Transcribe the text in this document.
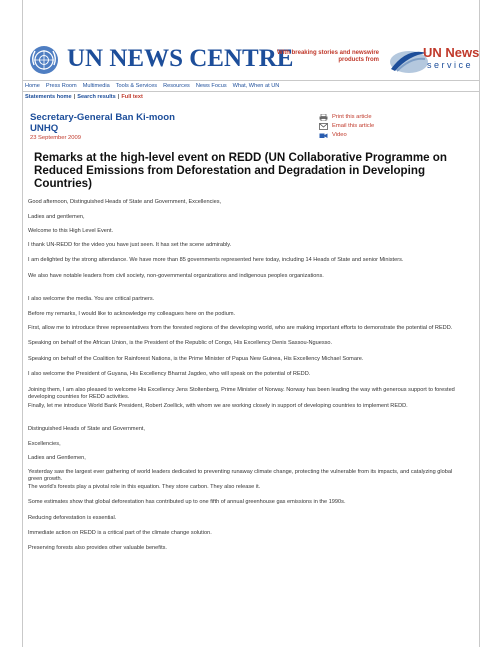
UN NEWS CENTRE
With breaking stories and newswire products from	UN News
service
Home Press Room Multimedia Tools & Services Resources News Focus What, When at UN
Statements home | Search results | Full text
Secretary-General Ban Ki-moon
UNHQ
23 September 2009
Print this article
Email this article
Video
Remarks at the high-level event on REDD (UN Collaborative Programme on Reduced Emissions from Deforestation and Degradation in Developing Countries)

Good afternoon, Distinguished Heads of State and Government, Excellencies,

Ladies and gentlemen,

Welcome to this High Level Event.

I thank UN-REDD for the video you have just seen. It has set the scene admirably.

I am delighted by the strong attendance. We have more than 85 governments represented here today, including 14 Heads of State and senior Ministers.

We also have notable leaders from civil society, non-governmental organizations and indigenous peoples organizations.

I also welcome the media. You are critical partners.

Before my remarks, I would like to acknowledge my colleagues here on the podium.

First, allow me to introduce three representatives from the forested regions of the developing world, who are making important efforts to demonstrate the potential of REDD.

Speaking on behalf of the African Union, is the President of the Republic of Congo, His Excellency Denis Sassou-Nguesso.

Speaking on behalf of the Coalition for Rainforest Nations, is the Prime Minister of Papua New Guinea, His Excellency Michael Somare.

I also welcome the President of Guyana, His Excellency Bharrat Jagdeo, who will speak on the potential of REDD.

Joining them, I am also pleased to welcome His Excellency Jens Stoltenberg, Prime Minister of Norway. Norway has been leading the way with generous support to forested developing countries for REDD activities.

Finally, let me introduce World Bank President, Robert Zoellick, with whom we are working closely in support of developing countries to implement REDD.

Distinguished Heads of State and Government,

Excellencies,

Ladies and Gentlemen,

Yesterday saw the largest ever gathering of world leaders dedicated to preventing runaway climate change, protecting the vulnerable from its impacts, and catalyzing global green growth.

The world's forests play a pivotal role in this equation. They store carbon. They also release it.

Some estimates show that global deforestation has contributed up to one fifth of annual greenhouse gas emissions in the 1990s.

Reducing deforestation is essential.

Immediate action on REDD is a critical part of the climate change solution.

Preserving forests also provides other valuable benefits.
